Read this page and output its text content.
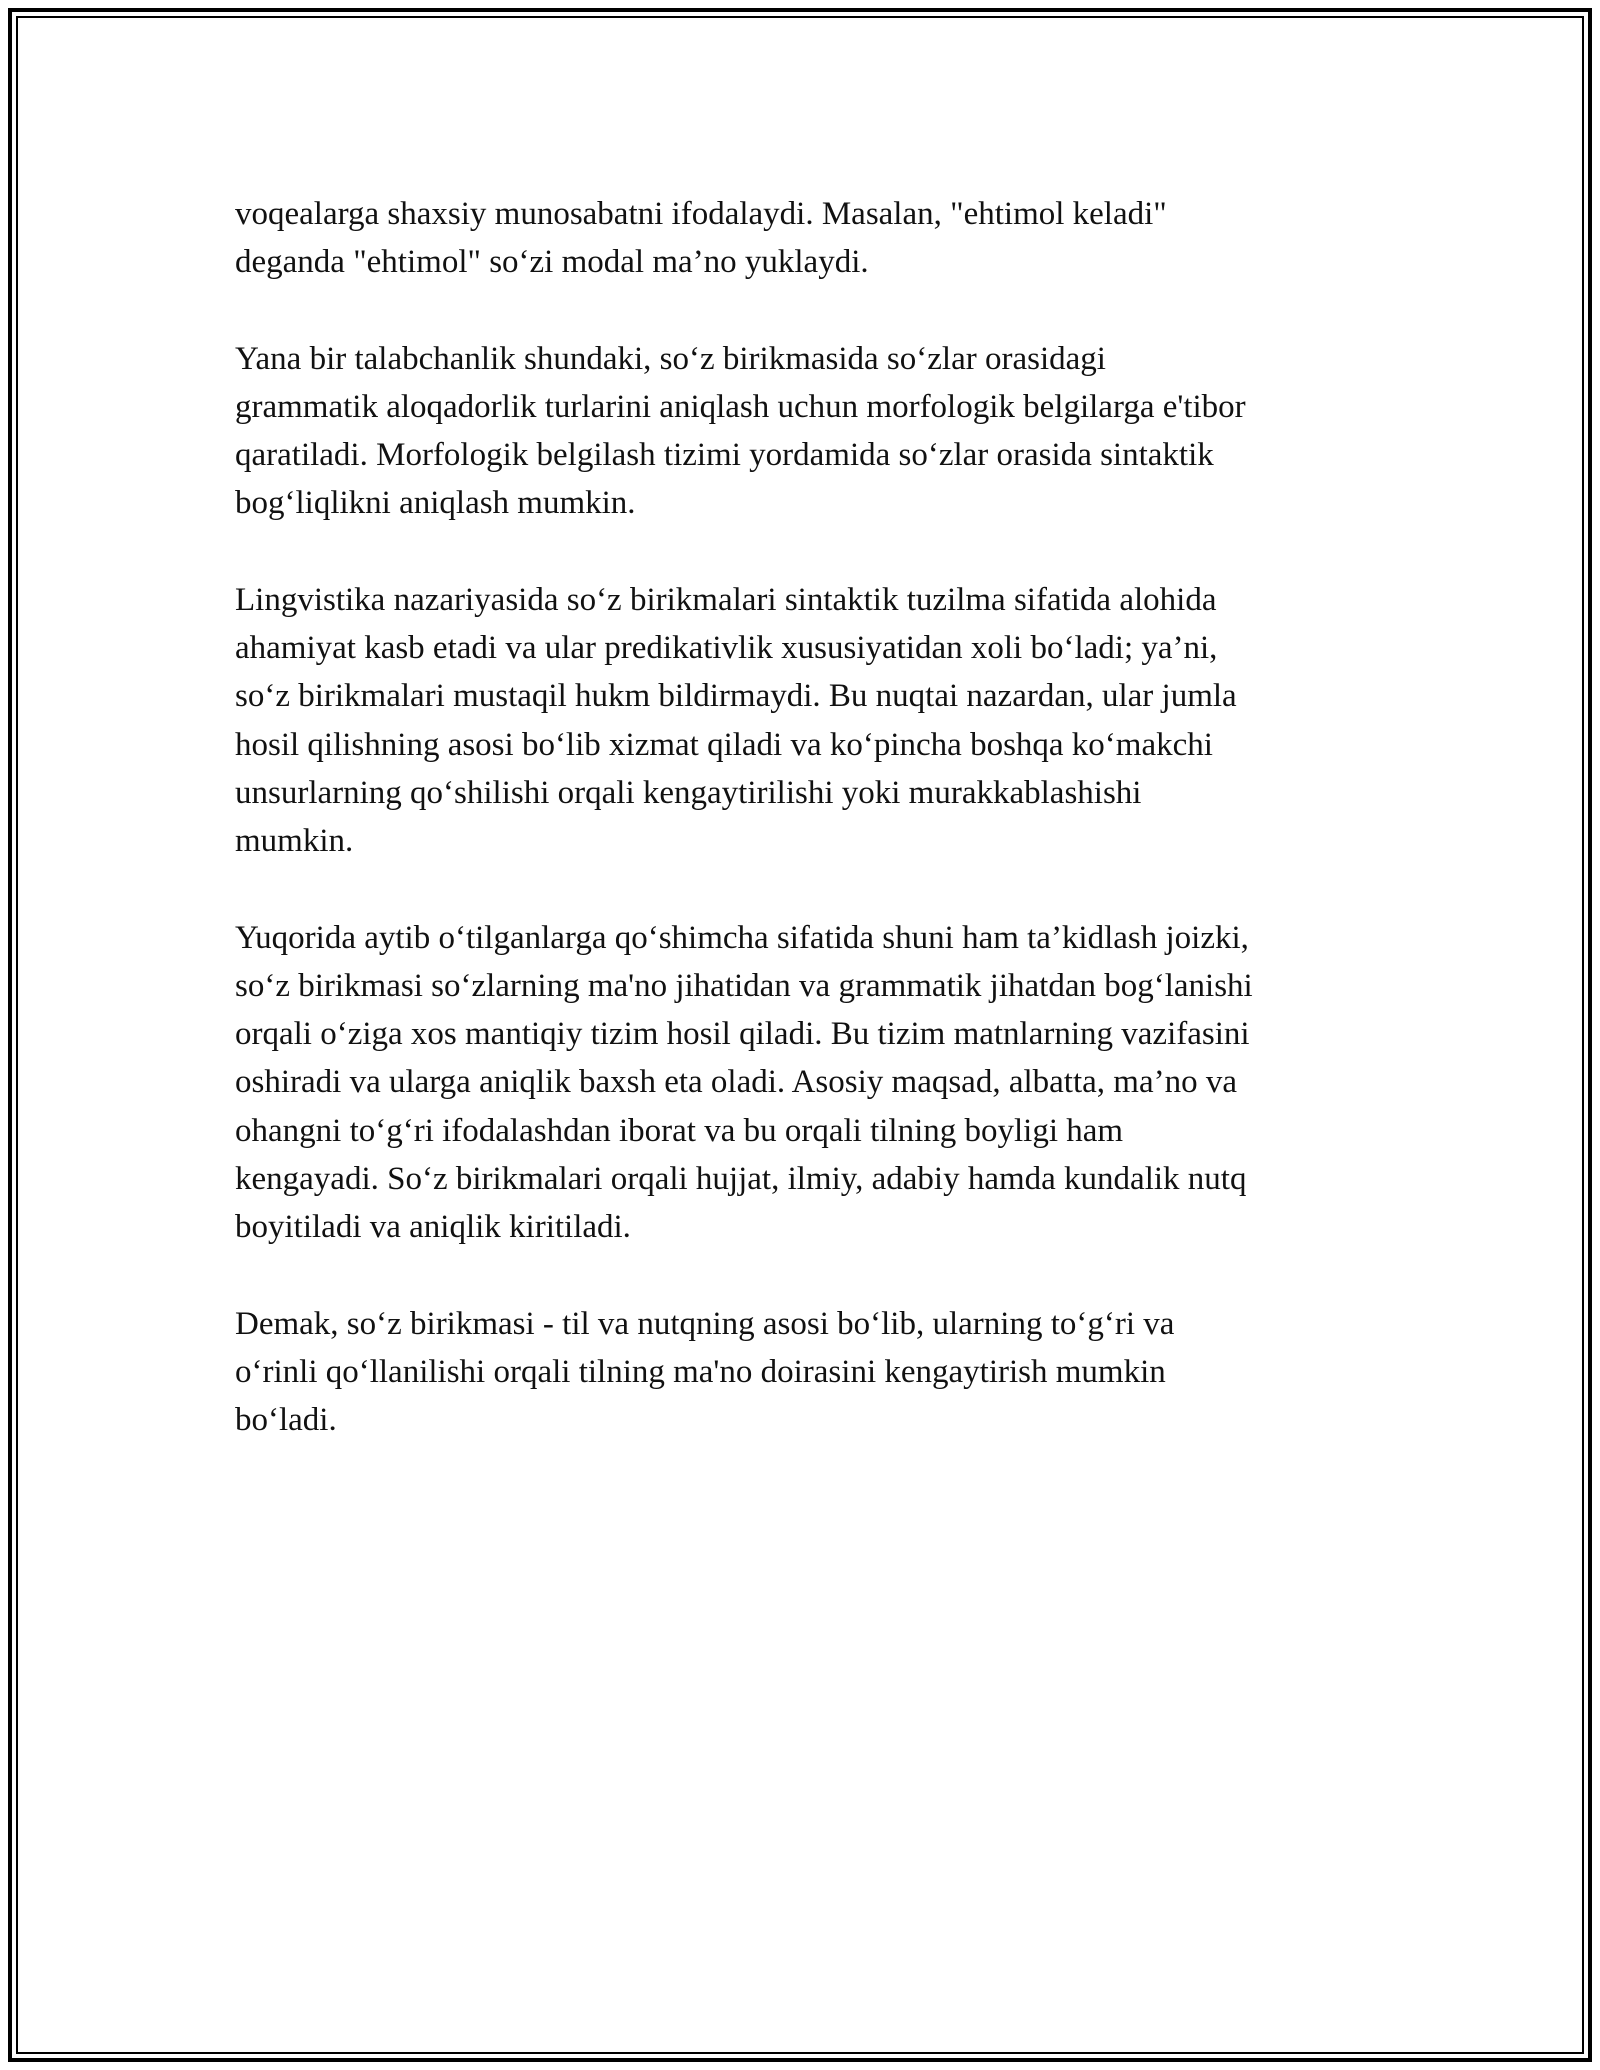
voqealarga shaxsiy munosabatni ifodalaydi. Masalan, "ehtimol keladi"
deganda "ehtimol" so‘zi modal ma’no yuklaydi.

Yana bir talabchanlik shundaki, so‘z birikmasida so‘zlar orasidagi
grammatik aloqadorlik turlarini aniqlash uchun morfologik belgilarga e'tibor
qaratiladi. Morfologik belgilash tizimi yordamida so‘zlar orasida sintaktik
bog‘liqlikni aniqlash mumkin.

Lingvistika nazariyasida so‘z birikmalari sintaktik tuzilma sifatida alohida
ahamiyat kasb etadi va ular predikativlik xususiyatidan xoli bo‘ladi; ya’ni,
so‘z birikmalari mustaqil hukm bildirmaydi. Bu nuqtai nazardan, ular jumla
hosil qilishning asosi bo‘lib xizmat qiladi va ko‘pincha boshqa ko‘makchi
unsurlarning qo‘shilishi orqali kengaytirilishi yoki murakkablashishi
mumkin.

Yuqorida aytib o‘tilganlarga qo‘shimcha sifatida shuni ham ta’kidlash joizki,
so‘z birikmasi so‘zlarning ma'no jihatidan va grammatik jihatdan bog‘lanishi
orqali o‘ziga xos mantiqiy tizim hosil qiladi. Bu tizim matnlarning vazifasini
oshiradi va ularga aniqlik baxsh eta oladi. Asosiy maqsad, albatta, ma’no va
ohangni to‘g‘ri ifodalashdan iborat va bu orqali tilning boyligi ham
kengayadi. So‘z birikmalari orqali hujjat, ilmiy, adabiy hamda kundalik nutq
boyitiladi va aniqlik kiritiladi.

Demak, so‘z birikmasi - til va nutqning asosi bo‘lib, ularning to‘g‘ri va
o‘rinli qo‘llanilishi orqali tilning ma'no doirasini kengaytirish mumkin
bo‘ladi.
